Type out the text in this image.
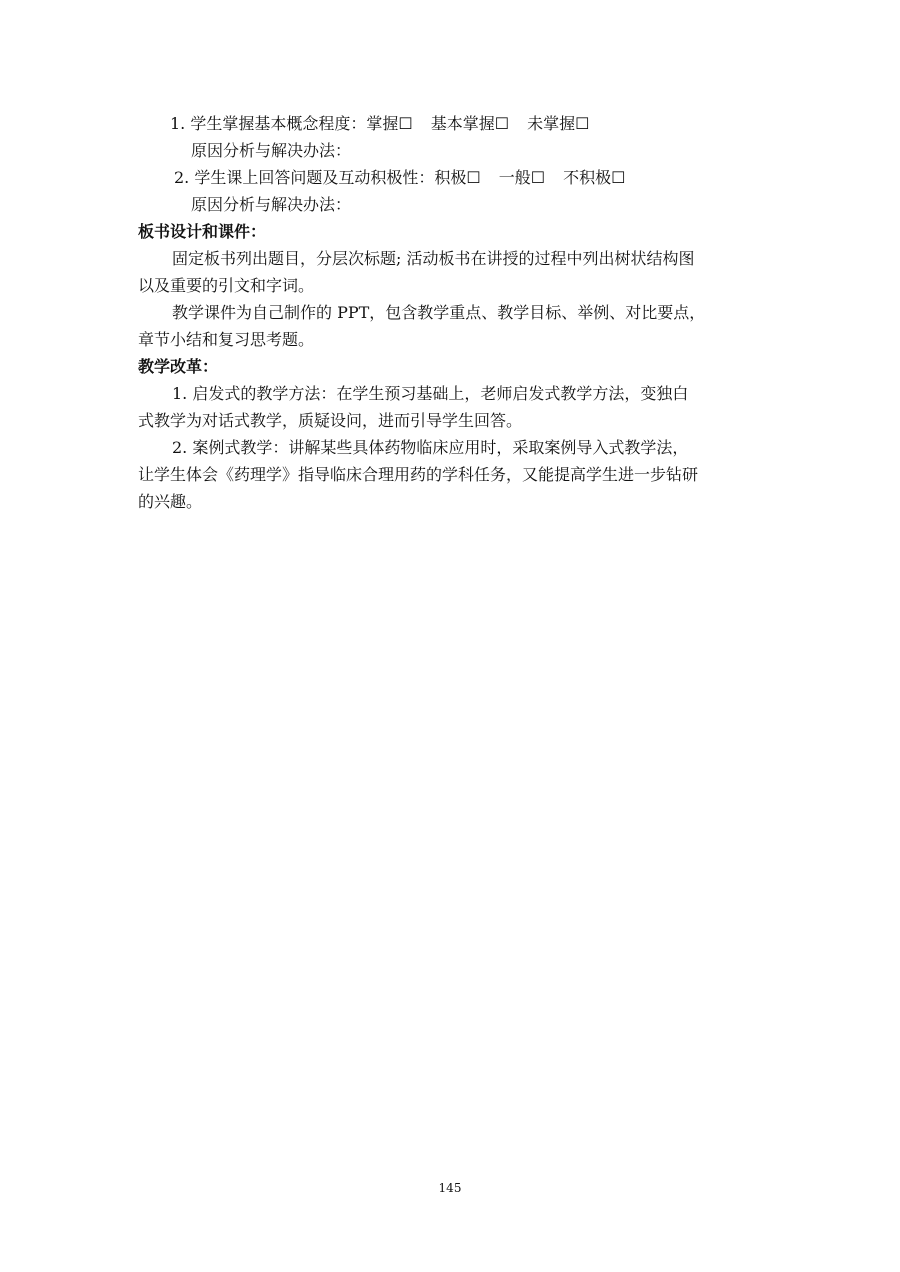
1. 学生掌握基本概念程度：掌握☐ 基本掌握☐ 未掌握☐
原因分析与解决办法：
2. 学生课上回答问题及互动积极性：积极☐ 一般☐ 不积极☐
原因分析与解决办法：
板书设计和课件：
固定板书列出题目，分层次标题; 活动板书在讲授的过程中列出树状结构图
以及重要的引文和字词。
教学课件为自己制作的 PPT，包含教学重点、教学目标、举例、对比要点，
章节小结和复习思考题。
教学改革：
1. 启发式的教学方法：在学生预习基础上，老师启发式教学方法，变独白
式教学为对话式教学，质疑设问，进而引导学生回答。
2. 案例式教学：讲解某些具体药物临床应用时，采取案例导入式教学法，
让学生体会《药理学》指导临床合理用药的学科任务，又能提高学生进一步钻研
的兴趣。
145
